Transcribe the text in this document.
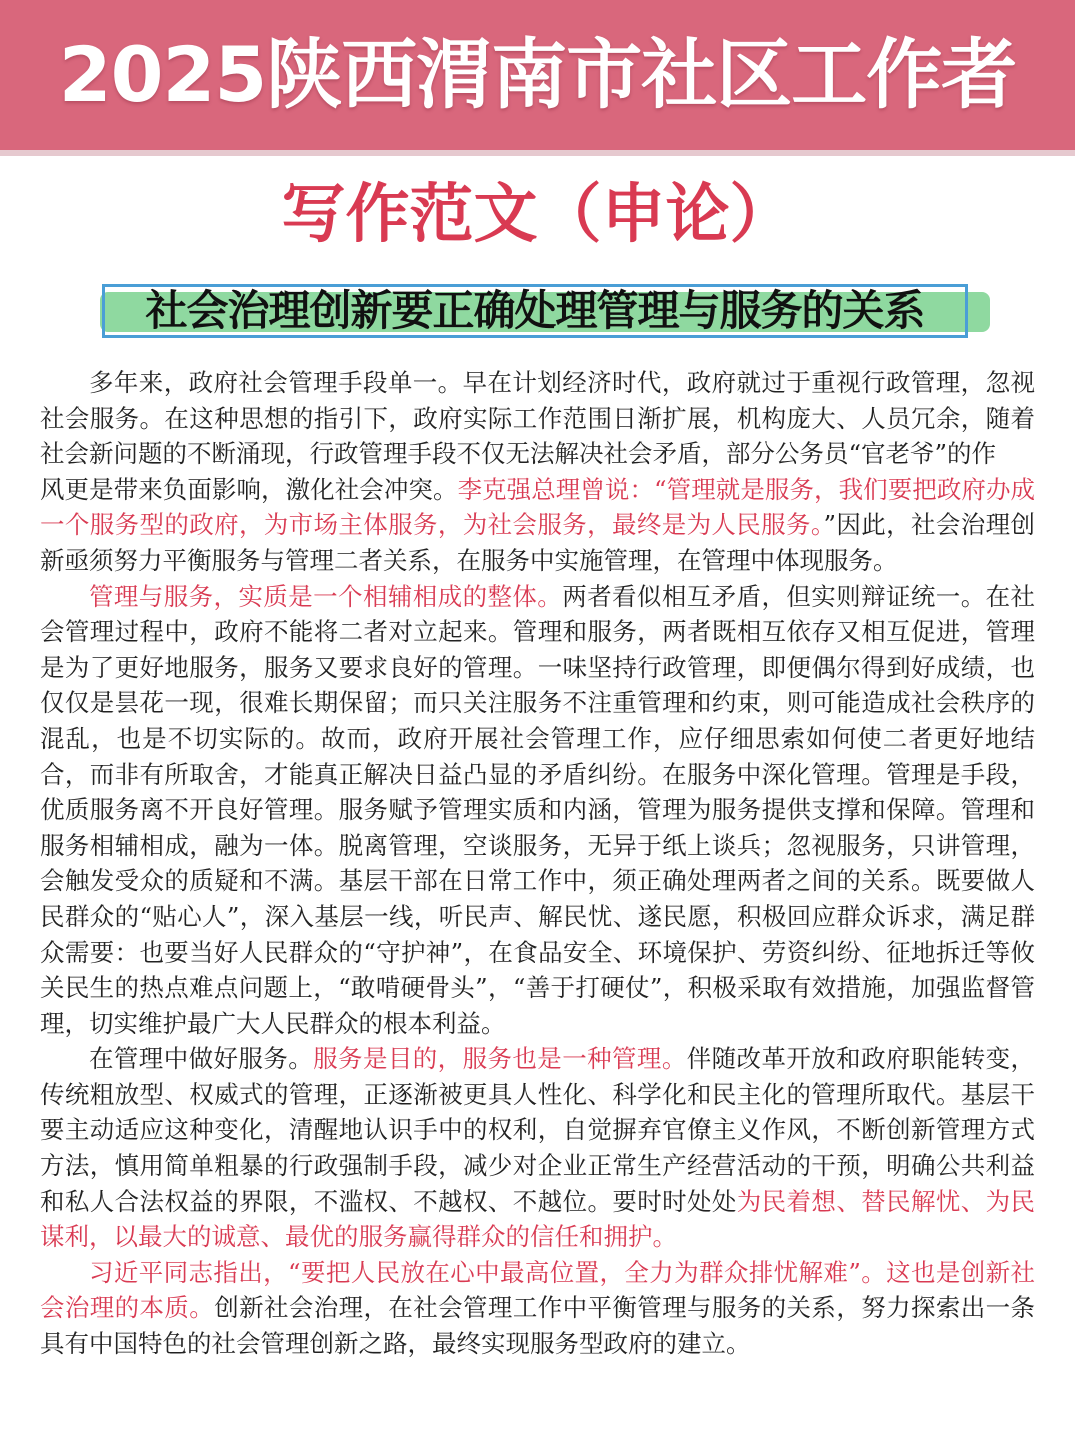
2025陕西渭南市社区工作者
写作范文（申论）
社会治理创新要正确处理管理与服务的关系

多年来，政府社会管理手段单一。早在计划经济时代，政府就过于重视行政管理，忽视社会服务。在这种思想的指引下，政府实际工作范围日渐扩展，机构庞大、人员冗余，随着社会新问题的不断涌现，行政管理手段不仅无法解决社会矛盾，部分公务员“官老爷”的作

风更是带来负面影响，激化社会冲突。李克强总理曾说：“管理就是服务，我们要把政府办成一个服务型的政府，为市场主体服务，为社会服务，最终是为人民服务。”因此，社会治理创新亟须努力平衡服务与管理二者关系，在服务中实施管理，在管理中体现服务。

管理与服务，实质是一个相辅相成的整体。两者看似相互矛盾，但实则辩证统一。在社会管理过程中，政府不能将二者对立起来。管理和服务，两者既相互依存又相互促进，管理是为了更好地服务，服务又要求良好的管理。一味坚持行政管理，即便偶尔得到好成绩，也仅仅是昙花一现，很难长期保留；而只关注服务不注重管理和约束，则可能造成社会秩序的混乱，也是不切实际的。故而，政府开展社会管理工作，应仔细思索如何使二者更好地结合，而非有所取舍，才能真正解决日益凸显的矛盾纠纷。在服务中深化管理。管理是手段，优质服务离不开良好管理。服务赋予管理实质和内涵，管理为服务提供支撑和保障。管理和服务相辅相成，融为一体。脱离管理，空谈服务，无异于纸上谈兵；忽视服务，只讲管理，会触发受众的质疑和不满。基层干部在日常工作中，须正确处理两者之间的关系。既要做人民群众的“贴心人”，深入基层一线，听民声、解民忧、遂民愿，积极回应群众诉求，满足群众需要：也要当好人民群众的“守护神”，在食品安全、环境保护、劳资纠纷、征地拆迁等攸关民生的热点难点问题上，“敢啃硬骨头”，“善于打硬仗”，积极采取有效措施，加强监督管理，切实维护最广大人民群众的根本利益。

在管理中做好服务。服务是目的，服务也是一种管理。伴随改革开放和政府职能转变，传统粗放型、权威式的管理，正逐渐被更具人性化、科学化和民主化的管理所取代。基层干要主动适应这种变化，清醒地认识手中的权利，自觉摒弃官僚主义作风，不断创新管理方式方法，慎用简单粗暴的行政强制手段，减少对企业正常生产经营活动的干预，明确公共利益和私人合法权益的界限，不滥权、不越权、不越位。要时时处处为民着想、替民解忧、为民谋利，以最大的诚意、最优的服务赢得群众的信任和拥护。

习近平同志指出，“要把人民放在心中最高位置，全力为群众排忧解难”。这也是创新社会治理的本质。创新社会治理，在社会管理工作中平衡管理与服务的关系，努力探索出一条具有中国特色的社会管理创新之路，最终实现服务型政府的建立。
